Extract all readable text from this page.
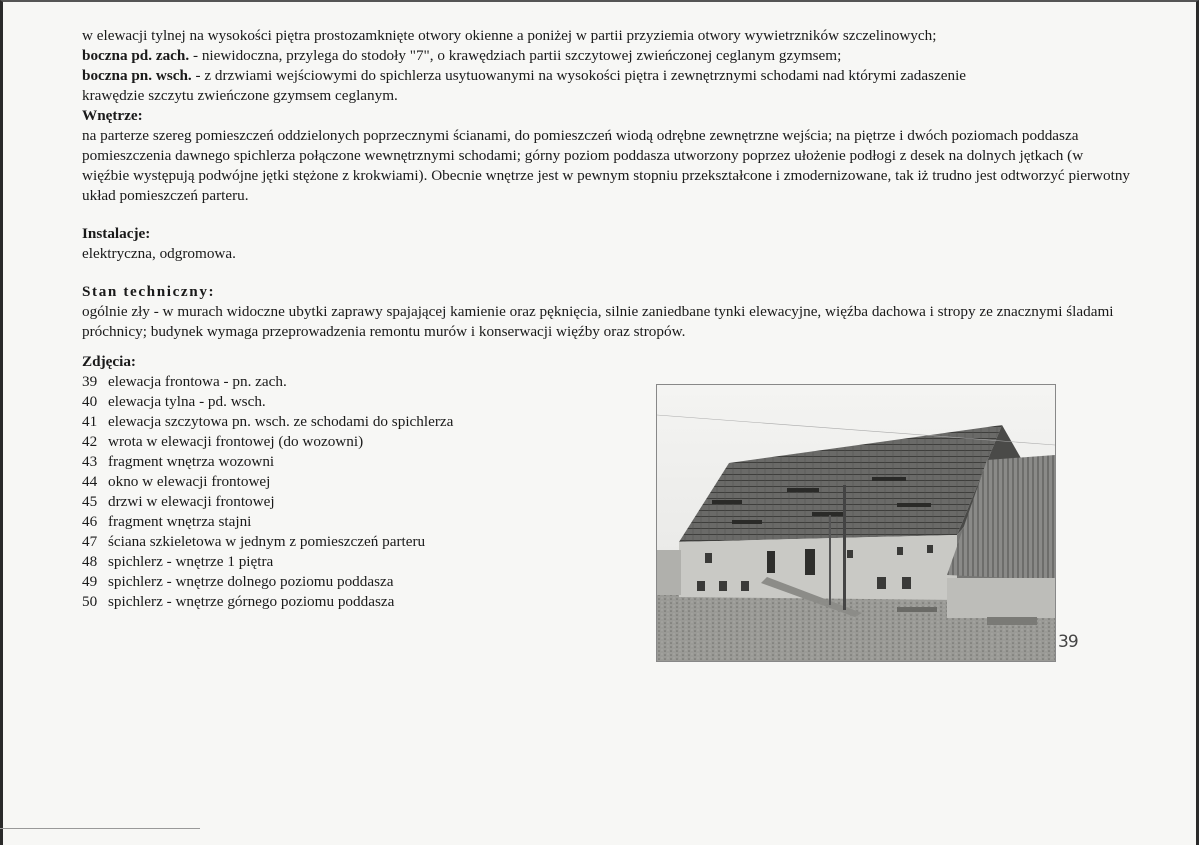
w elewacji tylnej na wysokości piętra prostozamknięte otwory okienne a poniżej w partii przyziemia otwory wywietrzników szczelinowych;
boczna pd. zach. - niewidoczna, przylega do stodoły "7", o krawędziach partii szczytowej zwieńczonej ceglanym gzymsem;
boczna pn. wsch. - z drzwiami wejściowymi do spichlerza usytuowanymi na wysokości piętra i zewnętrznymi schodami nad którymi zadaszenie
krawędzie szczytu zwieńczone gzymsem ceglanym.
Wnętrze:
na parterze szereg pomieszczeń oddzielonych poprzecznymi ścianami, do pomieszczeń wiodą odrębne zewnętrzne wejścia; na piętrze i dwóch poziomach poddasza pomieszczenia dawnego spichlerza połączone wewnętrznymi schodami; górny poziom poddasza utworzony poprzez ułożenie podłogi z desek na dolnych jętkach (w więźbie występują podwójne jętki stężone z krokwiami). Obecnie wnętrze jest w pewnym stopniu przekształcone i zmodernizowane, tak iż trudno jest odtworzyć pierwotny układ pomieszczeń parteru.
Instalacje:
elektryczna, odgromowa.
Stan techniczny:
ogólnie zły - w murach widoczne ubytki zaprawy spajającej kamienie oraz pęknięcia, silnie zaniedbane tynki elewacyjne, więźba dachowa i stropy ze znacznymi śladami próchnicy; budynek wymaga przeprowadzenia remontu murów i konserwacji więźby oraz stropów.
Zdjęcia:
39 elewacja frontowa - pn. zach.
40 elewacja tylna - pd. wsch.
41 elewacja szczytowa pn. wsch. ze schodami do spichlerza
42 wrota w elewacji frontowej (do wozowni)
43 fragment wnętrza wozowni
44 okno w elewacji frontowej
45 drzwi w elewacji frontowej
46 fragment wnętrza stajni
47 ściana szkieletowa w jednym z pomieszczeń parteru
48 spichlerz - wnętrze 1 piętra
49 spichlerz - wnętrze dolnego poziomu poddasza
50 spichlerz - wnętrze górnego poziomu poddasza
39
